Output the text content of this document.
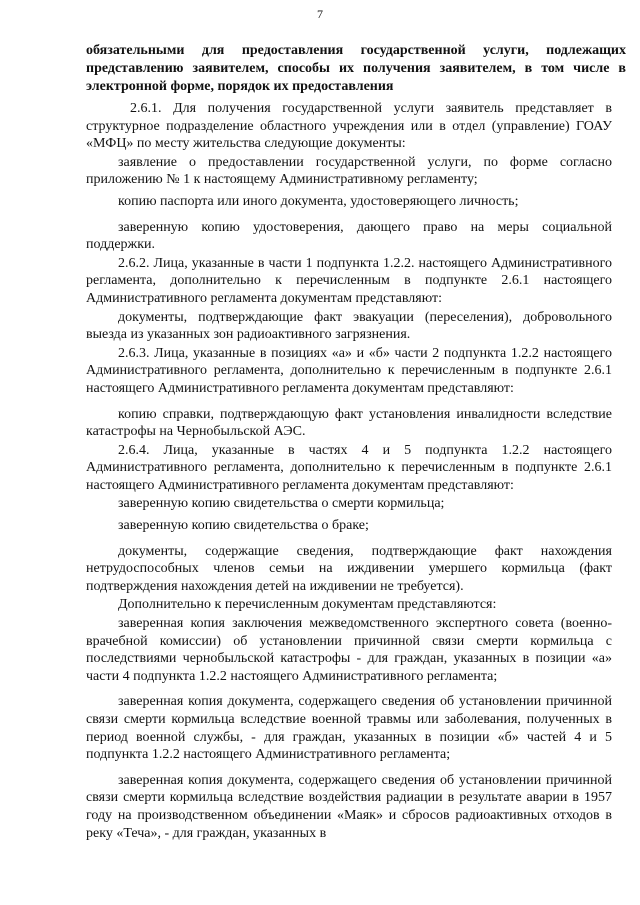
7
обязательными для предоставления государственной услуги, подлежащих представлению заявителем, способы их получения заявителем, в том числе в электронной форме, порядок их предоставления

2.6.1. Для получения государственной услуги заявитель представляет в структурное подразделение областного учреждения или в отдел (управление) ГОАУ «МФЦ» по месту жительства следующие документы:

заявление о предоставлении государственной услуги, по форме согласно приложению № 1 к настоящему Административному регламенту;

копию паспорта или иного документа, удостоверяющего личность;

заверенную копию удостоверения, дающего право на меры социальной поддержки.

2.6.2. Лица, указанные в части 1 подпункта 1.2.2. настоящего Административного регламента, дополнительно к перечисленным в подпункте 2.6.1 настоящего Административного регламента документам представляют:

документы, подтверждающие факт эвакуации (переселения), добровольного выезда из указанных зон радиоактивного загрязнения.

2.6.3. Лица, указанные в позициях «а» и «б» части 2 подпункта 1.2.2 настоящего Административного регламента, дополнительно к перечисленным в подпункте 2.6.1 настоящего Административного регламента документам представляют:

копию справки, подтверждающую факт установления инвалидности вследствие катастрофы на Чернобыльской АЭС.

2.6.4. Лица, указанные в частях 4 и 5 подпункта 1.2.2 настоящего Административного регламента, дополнительно к перечисленным в подпункте 2.6.1 настоящего Административного регламента документам представляют:

заверенную копию свидетельства о смерти кормильца;

заверенную копию свидетельства о браке;

документы, содержащие сведения, подтверждающие факт нахождения нетрудоспособных членов семьи на иждивении умершего кормильца (факт подтверждения нахождения детей на иждивении не требуется).

Дополнительно к перечисленным документам представляются:

заверенная копия заключения межведомственного экспертного совета (военно-врачебной комиссии) об установлении причинной связи смерти кормильца с последствиями чернобыльской катастрофы - для граждан, указанных в позиции «а» части 4 подпункта 1.2.2 настоящего Административного регламента;

заверенная копия документа, содержащего сведения об установлении причинной связи смерти кормильца вследствие военной травмы или заболевания, полученных в период военной службы, - для граждан, указанных в позиции «б» частей 4 и 5 подпункта 1.2.2 настоящего Административного регламента;

заверенная копия документа, содержащего сведения об установлении причинной связи смерти кормильца вследствие воздействия радиации в результате аварии в 1957 году на производственном объединении «Маяк» и сбросов радиоактивных отходов в реку «Теча», - для граждан, указанных в
